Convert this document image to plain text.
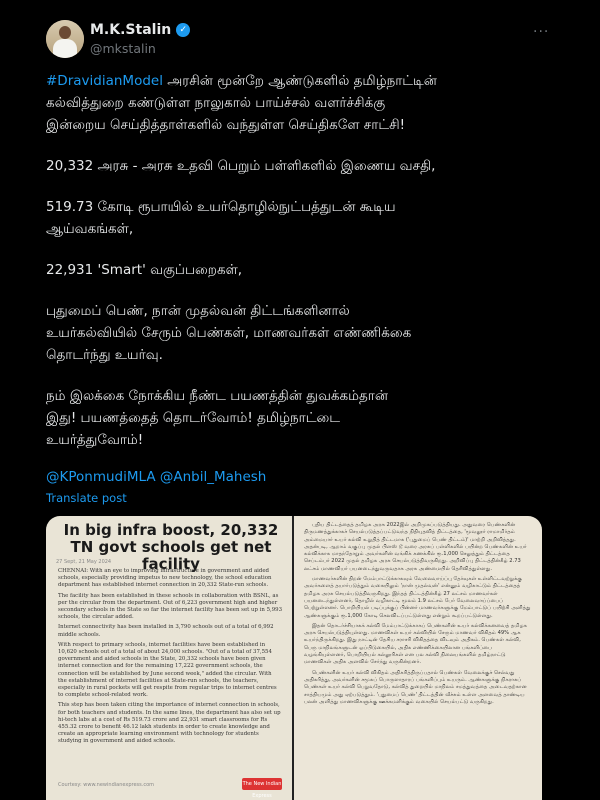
M.K.Stalin ✓
@mkstalin
···

#DravidianModel அரசின் மூன்றே ஆண்டுகளில் தமிழ்நாட்டின்

கல்வித்துறை கண்டுள்ள நாலுகால் பாய்ச்சல் வளர்ச்சிக்கு

இன்றைய செய்தித்தாள்களில் வந்துள்ள செய்திகளே சாட்சி!

20,332 அரசு - அரசு உதவி பெறும் பள்ளிகளில் இணைய வசதி,

519.73 கோடி ரூபாயில் உயர்தொழில்நுட்பத்துடன் கூடிய

ஆய்வகங்கள்,

22,931 'Smart' வகுப்பறைகள்,

புதுமைப் பெண், நான் முதல்வன் திட்டங்களினால்

உயர்கல்வியில் சேரும் பெண்கள், மாணவர்கள் எண்ணிக்கை

தொடர்ந்து உயர்வு.

நம் இலக்கை நோக்கிய நீண்ட பயணத்தின் துவக்கம்தான்

இது! பயணத்தைத் தொடர்வோம்! தமிழ்நாட்டை

உயர்த்துவோம்!

@KPonmudiMLA @Anbil_Mahesh
Translate post
In big infra boost, 20,332 TN govt schools get net facility
27 Sept, 21 May 2024

CHENNAI: With an eye to improving infrastructure in government and aided schools, especially providing impetus to new technology, the school education department has established internet connection in 20,332 State-run schools.

The facility has been established in these schools in collaboration with BSNL, as per the circular from the department. Out of 6,223 government high and higher secondary schools in the State so far the internet facility has been set up in 5,993 schools, the circular added.

Internet connectivity has been installed in 3,790 schools out of a total of 6,992 middle schools.

With respect to primary schools, internet facilities have been established in 10,620 schools out of a total of about 24,000 schools. "Out of a total of 37,554 government and aided schools in the State, 20,332 schools have been given internet connection and for the remaining 17,222 government schools, the connection will be established by June second week," added the circular. With the establishment of internet facilities at State-run schools, the teachers, especially in rural pockets will get respite from regular trips to internet centres to complete school-related work.

This step has been taken citing the importance of internet connection in schools, for both teachers and students. In the same lines, the department has also set up hi-tech labs at a cost of Rs 519.73 crore and 22,931 smart classrooms for Rs 455.32 crore to benefit 46.12 lakh students in order to create knowledge and create an appropriate learning environment with technology for students studying in government and aided schools.

Courtesy: www.newindianexpress.com	The New Indian Express

புதிய திட்டத்தைத் தமிழக அரசு 2022இல் அறிமுகப்படுத்தியது. அதுவரை பெண்களின் திருமணத்துக்காகச் செயல்படுத்தப்பட்டுவந்த நிதியுதவித் திட்டத்தை, 'மூவலூர் ராமாமிர்தம் அம்மையார் உயர் கல்வி உறுதித் திட்டமாக ('புதுமைப் பெண் திட்டம்)' மாற்றி அறிவித்தது. அதன்படி, ஆறாம் வகுப்பு முதல் பிளஸ் டூ வரை அரசுப் பள்ளிகளில் பயின்ற பெண்களின் உயர் கல்விக்காக மாதந்தோறும் அவர்களின் வங்கிக் கணக்கில் ரூ.1,000 செலுத்தும் திட்டத்தை செப்டம்பர் 2022 முதல் தமிழக அரசு செயல்படுத்திவருகிறது. அறிவிப்பு திட்டத்தின்கீழ் 2.73 லட்சம் மாணவியர் பயனடைந்துவருவதாக அரசு அண்மையில் தெரிவித்துள்ளது.

மாணவர்களின் திறன் மேம்பாட்டுக்காகவும் வேலைவாய்ப்பு தேர்வுகள் உள்ளிட்டவற்றுக்கு அவர்களைத் தயார்படுத்தும் வகையிலும் 'நான் முதல்வன்' என்னும் வழிகாட்டும் திட்டத்தைத் தமிழக அரசு செயல்படுத்திவருகிறது. இந்தத் திட்டத்தின்கீழ் 27 லட்சம் மாணவர்கள் பயனடைந்துள்ளனர், தொழில் வழிகாட்டி மூலம் 1.9 லட்சம் பேர் வேலைவாய்ப்பைப் பெற்றுள்ளனர். பொறியியல் படிப்புக்குப் பின்னர் மாணவர்களுக்கு மேம்பாட்டுப் பயிற்சி அளித்து ஆண்களுக்கும் ரூ.1,000 கோடி செலவிடப்பட்டுள்ளது என்றும் கூறப்பட்டுள்ளது.

இதன் தொடர்ச்சியாகக் கல்வி மேம்பாட்டுக்காகப் பெண்களின் உயர் கல்விக்கனவைத் தமிழக அரசு செயல்படுத்தியுள்ளது. மாணவிகள் உயர் கல்வியில் சேரும் மாணவர் விகிதம் 49% ஆக உயர்ந்திருக்கிறது. இது நாட்டின் தேசிய சராசரி விகிதத்தை விடவும் அதிகம். பெண்கள் கல்வி, பெரு மாநிலங்களுடன் ஒப்பிடுகையில், அதிக எண்ணிக்கையிலான பங்களிப்பை வழங்கியுள்ளனர், பொறியியல் கல்லூரிகள் என பல கல்வி நிலையங்களில் தமிழ்நாட்டு மாணவிகள் அதிக அளவில் சேர்ந்து வருகின்றனர்.

பெண்களின் உயர் கல்வி விகிதம் அதிகரித்திருப்பதால் பெண்கள் வேலைக்குச் செல்வது அதிகரித்து, அவர்களின் சமூகப் பொருளாதாரப் பங்களிப்பும் உயரும். ஆண்களுக்கு நிகராகப் பெண்கள் உயர் கல்வி பெறுவதோடு, கல்வித் துறையில் மாநிலம் சமத்துவத்தை அடைவதற்கான சாத்தியமும் அது ஏற்படுத்தும். 'புதுமைப் பெண்' திட்டத்தின் வீச்சும் உள்ள அளவைத் தாண்டிய பலன் அளித்து மாணவிகளுக்கு ஊக்கமளிக்கும் வகையில் செயல்பட்டு வருகிறது.
